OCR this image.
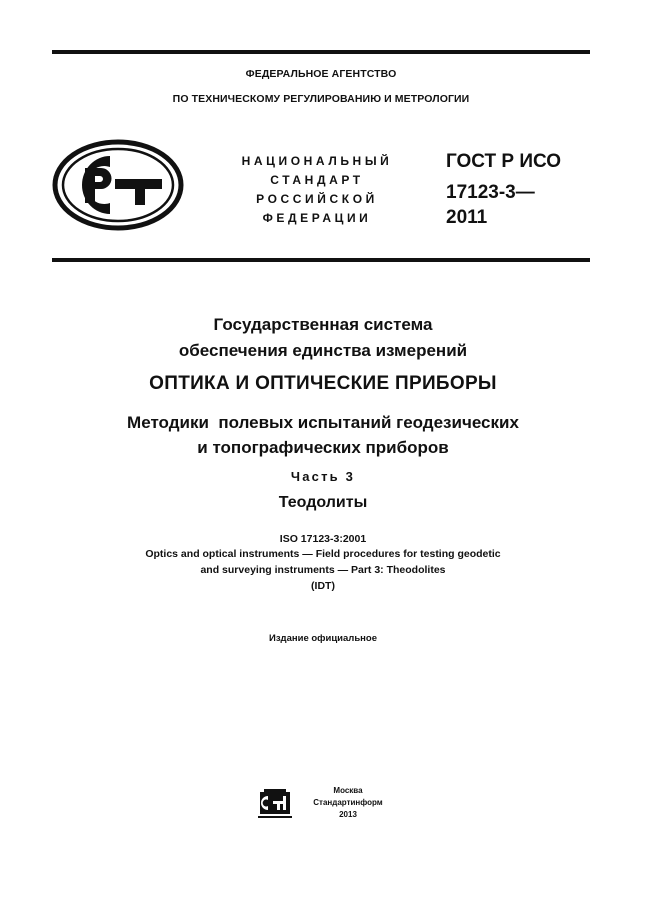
ФЕДЕРАЛЬНОЕ АГЕНТСТВО
ПО ТЕХНИЧЕСКОМУ РЕГУЛИРОВАНИЮ И МЕТРОЛОГИИ
НАЦИОНАЛЬНЫЙ
СТАНДАРТ
РОССИЙСКОЙ
ФЕДЕРАЦИИ
ГОСТ Р ИСО
17123-3—
2011
Государственная система
обеспечения единства измерений
ОПТИКА И ОПТИЧЕСКИЕ ПРИБОРЫ
Методики  полевых испытаний геодезических
и топографических приборов
Часть 3
Теодолиты
ISO 17123-3:2001
Optics and optical instruments — Field procedures for testing geodetic
and surveying instruments — Part 3: Theodolites
(IDT)
Издание официальное
Москва
Стандартинформ
2013
